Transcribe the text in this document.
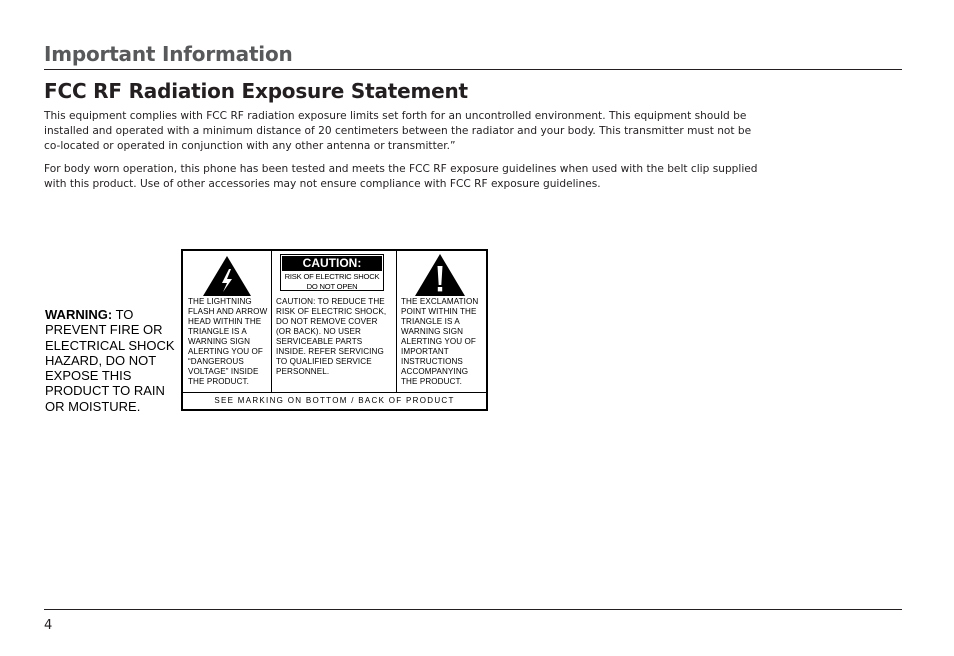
Important Information
FCC RF Radiation Exposure Statement

This equipment complies with FCC RF radiation exposure limits set forth for an uncontrolled environment. This equipment should be installed and operated with a minimum distance of 20 centimeters between the radiator and your body. This transmitter must not be co-located or operated in conjunction with any other antenna or transmitter.”

For body worn operation, this phone has been tested and meets the FCC RF exposure guidelines when used with the belt clip supplied with this product. Use of other accessories may not ensure compliance with FCC RF exposure guidelines.

WARNING: TO PREVENT FIRE OR ELECTRICAL SHOCK HAZARD, DO NOT EXPOSE THIS PRODUCT TO RAIN OR MOISTURE.
THE LIGHTNING FLASH AND ARROW HEAD WITHIN THE TRIANGLE IS A WARNING SIGN ALERTING YOU OF “DANGEROUS VOLTAGE” INSIDE THE PRODUCT.
CAUTION:
RISK OF ELECTRIC SHOCK
DO NOT OPEN
CAUTION: TO REDUCE THE RISK OF ELECTRIC SHOCK, DO NOT REMOVE COVER (OR BACK). NO USER SERVICEABLE PARTS INSIDE. REFER SERVICING TO QUALIFIED SERVICE PERSONNEL.
THE EXCLAMATION POINT WITHIN THE TRIANGLE IS A WARNING SIGN ALERTING YOU OF IMPORTANT INSTRUCTIONS ACCOMPANYING THE PRODUCT.
SEE MARKING ON BOTTOM / BACK OF PRODUCT
4
